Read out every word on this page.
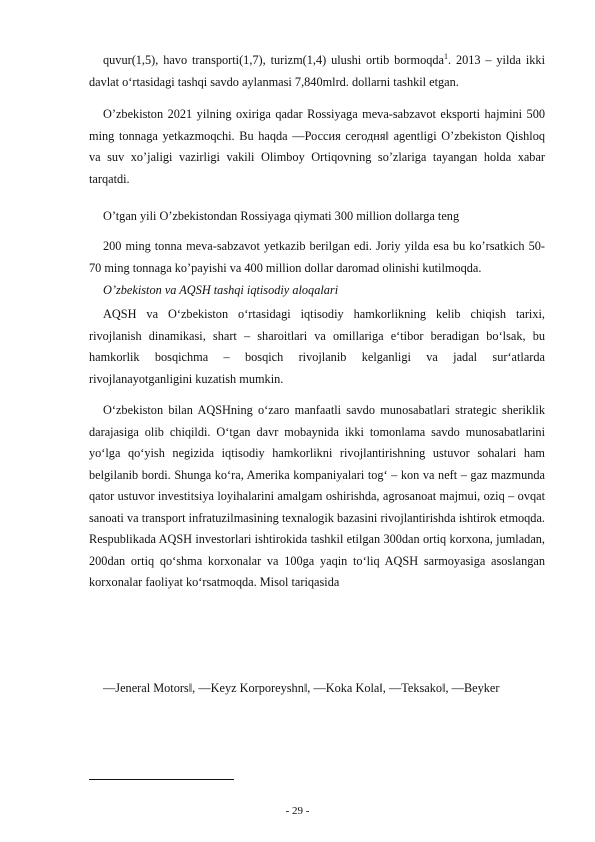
quvur(1,5), havo transporti(1,7), turizm(1,4) ulushi ortib bormoqda$^1$. 2013 – yilda ikki davlat o‘rtasidagi tashqi savdo aylanmasi 7,840mlrd. dollarni tashkil etgan.

O’zbekiston 2021 yilning oxiriga qadar Rossiyaga meva-sabzavot eksporti hajmini 500 ming tonnaga yetkazmoqchi. Bu haqda ―Россия сегодня‖ agentligi O’zbekiston Qishloq va suv xo’jaligi vazirligi vakili Olimboy Ortiqovning so’zlariga tayangan holda xabar tarqatdi.

O’tgan yili O’zbekistondan Rossiyaga qiymati 300 million dollarga teng

200 ming tonna meva-sabzavot yetkazib berilgan edi. Joriy yilda esa bu ko’rsatkich 50-70 ming tonnaga ko’payishi va 400 million dollar daromad olinishi kutilmoqda.

O’zbekiston va AQSH tashqi iqtisodiy aloqalari

AQSH va O‘zbekiston o‘rtasidagi iqtisodiy hamkorlikning kelib chiqish tarixi, rivojlanish dinamikasi, shart – sharoitlari va omillariga e‘tibor beradigan bo‘lsak, bu hamkorlik bosqichma – bosqich rivojlanib kelganligi va jadal sur‘atlarda rivojlanayotganligini kuzatish mumkin.

O‘zbekiston bilan AQSHning o‘zaro manfaatli savdo munosabatlari strategic sheriklik darajasiga olib chiqildi. O‘tgan davr mobaynida ikki tomonlama savdo munosabatlarini yo‘lga qo‘yish negizida iqtisodiy hamkorlikni rivojlantirishning ustuvor sohalari ham belgilanib bordi. Shunga ko‘ra, Amerika kompaniyalari tog‘ – kon va neft – gaz mazmunda qator ustuvor investitsiya loyihalarini amalgam oshirishda, agrosanoat majmui, oziq – ovqat sanoati va transport infratuzilmasining texnalogik bazasini rivojlantirishda ishtirok etmoqda. Respublikada AQSH investorlari ishtirokida tashkil etilgan 300dan ortiq korxona, jumladan, 200dan ortiq qo‘shma korxonalar va 100ga yaqin to‘liq AQSH sarmoyasiga asoslangan korxonalar faoliyat ko‘rsatmoqda. Misol tariqasida

―Jeneral Motors‖, ―Keyz Korporeyshn‖, ―Koka Kola‖, ―Teksako‖, ―Beyker

- 29 -
